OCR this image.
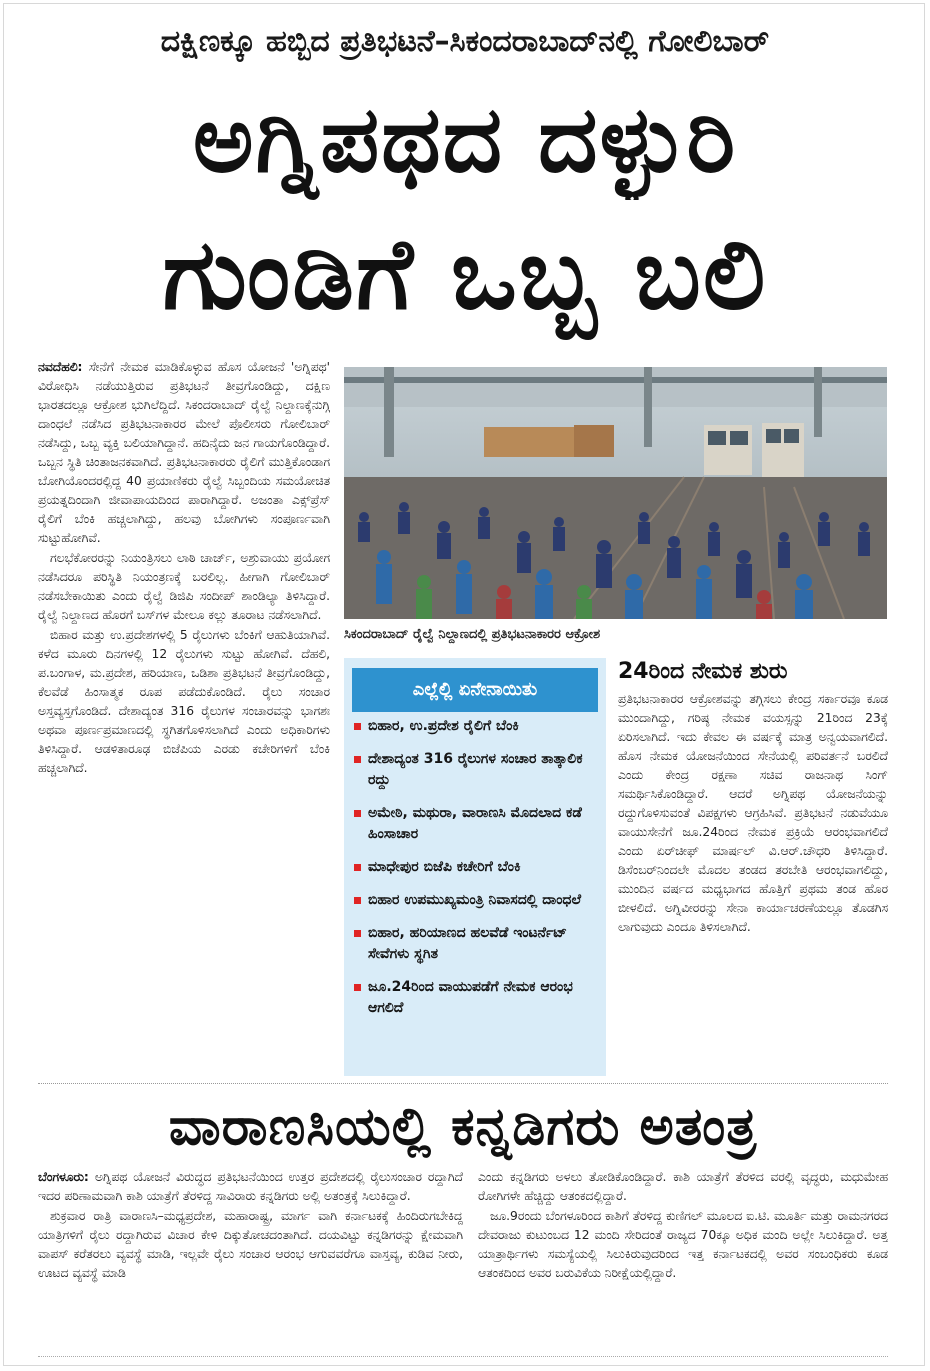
ದಕ್ಷಿಣಕ್ಕೂ ಹಬ್ಬಿದ ಪ್ರತಿಭಟನೆ–ಸಿಕಂದರಾಬಾದ್‌ನಲ್ಲಿ ಗೋಲಿಬಾರ್
ಅಗ್ನಿಪಥದ ದಳ್ಳುರಿ
ಗುಂಡಿಗೆ ಒಬ್ಬ ಬಲಿ

ನವದೆಹಲಿ: ಸೇನೆಗೆ ನೇಮಕ ಮಾಡಿಕೊಳ್ಳುವ ಹೊಸ ಯೋಜನೆ 'ಅಗ್ನಿಪಥ' ವಿರೋಧಿಸಿ ನಡೆಯುತ್ತಿರುವ ಪ್ರತಿಭಟನೆ ತೀವ್ರಗೊಂಡಿದ್ದು, ದಕ್ಷಿಣ ಭಾರತದಲ್ಲೂ ಆಕ್ರೋಶ ಭುಗಿಲೆದ್ದಿದೆ. ಸಿಕಂದರಾಬಾದ್ ರೈಲ್ವೆ ನಿಲ್ದಾಣಕ್ಕೆನುಗ್ಗಿ ದಾಂಧಲೆ ನಡೆಸಿದ ಪ್ರತಿಭಟನಾಕಾರರ ಮೇಲೆ ಪೊಲೀಸರು ಗೋಲಿಬಾರ್ ನಡೆಸಿದ್ದು, ಒಬ್ಬ ವ್ಯಕ್ತಿ ಬಲಿಯಾಗಿದ್ದಾನೆ. ಹದಿನೈದು ಜನ ಗಾಯಗೊಂಡಿದ್ದಾರೆ. ಒಬ್ಬನ ಸ್ಥಿತಿ ಚಿಂತಾಜನಕವಾಗಿದೆ. ಪ್ರತಿಭಟನಾಕಾರರು ರೈಲಿಗೆ ಮುತ್ತಿಕೊಂಡಾಗ ಬೋಗಿಯೊಂದರಲ್ಲಿದ್ದ 40 ಪ್ರಯಾಣಿಕರು ರೈಲ್ವೆ ಸಿಬ್ಬಂದಿಯ ಸಮಯೋಚಿತ ಪ್ರಯತ್ನದಿಂದಾಗಿ ಜೀವಾಪಾಯದಿಂದ ಪಾರಾಗಿದ್ದಾರೆ. ಅಜಂತಾ ಎಕ್ಸ್‌ಪ್ರೆಸ್ ರೈಲಿಗೆ ಬೆಂಕಿ ಹಚ್ಚಲಾಗಿದ್ದು, ಹಲವು ಬೋಗಿಗಳು ಸಂಪೂರ್ಣವಾಗಿ ಸುಟ್ಟುಹೋಗಿವೆ.

ಗಲಭೆಕೋರರನ್ನು ನಿಯಂತ್ರಿಸಲು ಲಾಠಿ ಚಾರ್ಜ್, ಅಶ್ರುವಾಯು ಪ್ರಯೋಗ ನಡೆಸಿದರೂ ಪರಿಸ್ಥಿತಿ ನಿಯಂತ್ರಣಕ್ಕೆ ಬರಲಿಲ್ಲ. ಹೀಗಾಗಿ ಗೋಲಿಬಾರ್ ನಡೆಸಬೇಕಾಯಿತು ಎಂದು ರೈಲ್ವೆ ಡಿಜಿಪಿ ಸಂದೀಪ್ ಶಾಂಡಿಲ್ಯಾ ತಿಳಿಸಿದ್ದಾರೆ. ರೈಲ್ವೆ ನಿಲ್ದಾಣದ ಹೊರಗೆ ಬಸ್‌ಗಳ ಮೇಲೂ ಕಲ್ಲು ತೂರಾಟ ನಡೆಸಲಾಗಿದೆ.

ಬಿಹಾರ ಮತ್ತು ಉ.ಪ್ರದೇಶಗಳಲ್ಲಿ 5 ರೈಲುಗಳು ಬೆಂಕಿಗೆ ಆಹುತಿಯಾಗಿವೆ. ಕಳೆದ ಮೂರು ದಿನಗಳಲ್ಲಿ 12 ರೈಲುಗಳು ಸುಟ್ಟು ಹೋಗಿವೆ. ದೆಹಲಿ, ಪ.ಬಂಗಾಳ, ಮ.ಪ್ರದೇಶ, ಹರಿಯಾಣ, ಒಡಿಶಾ ಪ್ರತಿಭಟನೆ ತೀವ್ರಗೊಂಡಿದ್ದು, ಕೆಲವೆಡೆ ಹಿಂಸಾತ್ಮಕ ರೂಪ ಪಡೆದುಕೊಂಡಿದೆ. ರೈಲು ಸಂಚಾರ ಅಸ್ತವ್ಯಸ್ತಗೊಂಡಿದೆ. ದೇಶಾದ್ಯಂತ 316 ರೈಲುಗಳ ಸಂಚಾರವನ್ನು ಭಾಗಶಃ ಅಥವಾ ಪೂರ್ಣಪ್ರಮಾಣದಲ್ಲಿ ಸ್ಥಗಿತಗೊಳಿಸಲಾಗಿದೆ ಎಂದು ಅಧಿಕಾರಿಗಳು ತಿಳಿಸಿದ್ದಾರೆ. ಆಡಳಿತಾರೂಢ ಬಿಜೆಪಿಯ ಎರಡು ಕಚೇರಿಗಳಿಗೆ ಬೆಂಕಿ ಹಚ್ಚಲಾಗಿದೆ.

ಸಿಕಂದರಾಬಾದ್ ರೈಲ್ವೆ ನಿಲ್ದಾಣದಲ್ಲಿ ಪ್ರತಿಭಟನಾಕಾರರ ಆಕ್ರೋಶ
ಎಲ್ಲೆಲ್ಲಿ ಏನೇನಾಯಿತು
ಬಿಹಾರ, ಉ.ಪ್ರದೇಶ ರೈಲಿಗೆ ಬೆಂಕಿ
ದೇಶಾದ್ಯಂತ 316 ರೈಲುಗಳ ಸಂಚಾರ ತಾತ್ಕಾಲಿಕ ರದ್ದು
ಅಮೇಠಿ, ಮಥುರಾ, ವಾರಾಣಸಿ ಮೊದಲಾದ ಕಡೆ ಹಿಂಸಾಚಾರ
ಮಾಧೇಪುರ ಬಿಜೆಪಿ ಕಚೇರಿಗೆ ಬೆಂಕಿ
ಬಿಹಾರ ಉಪಮುಖ್ಯಮಂತ್ರಿ ನಿವಾಸದಲ್ಲಿ ದಾಂಧಲೆ
ಬಿಹಾರ, ಹರಿಯಾಣದ ಹಲವೆಡೆ ಇಂಟರ್ನೆಟ್ ಸೇವೆಗಳು ಸ್ಥಗಿತ
ಜೂ.24ರಿಂದ ವಾಯುಪಡೆಗೆ ನೇಮಕ ಆರಂಭ ಆಗಲಿದೆ
24ರಿಂದ ನೇಮಕ ಶುರು

ಪ್ರತಿಭಟನಾಕಾರರ ಆಕ್ರೋಶವನ್ನು ತಗ್ಗಿಸಲು ಕೇಂದ್ರ ಸರ್ಕಾರವೂ ಕೂಡ ಮುಂದಾಗಿದ್ದು, ಗರಿಷ್ಠ ನೇಮಕ ವಯಸ್ಸನ್ನು 21ರಿಂದ 23ಕ್ಕೆ ಏರಿಸಲಾಗಿದೆ. ಇದು ಕೇವಲ ಈ ವರ್ಷಕ್ಕೆ ಮಾತ್ರ ಅನ್ವಯವಾಗಲಿದೆ. ಹೊಸ ನೇಮಕ ಯೋಜನೆಯಿಂದ ಸೇನೆಯಲ್ಲಿ ಪರಿವರ್ತನೆ ಬರಲಿದೆ ಎಂದು ಕೇಂದ್ರ ರಕ್ಷಣಾ ಸಚಿವ ರಾಜನಾಥ ಸಿಂಗ್ ಸಮರ್ಥಿಸಿಕೊಂಡಿದ್ದಾರೆ. ಆದರೆ ಅಗ್ನಿಪಥ ಯೋಜನೆಯನ್ನು ರದ್ದುಗೊಳಿಸುವಂತೆ ವಿಪಕ್ಷಗಳು ಆಗ್ರಹಿಸಿವೆ. ಪ್ರತಿಭಟನೆ ನಡುವೆಯೂ ವಾಯುಸೇನೆಗೆ ಜೂ.24ರಿಂದ ನೇಮಕ ಪ್ರಕ್ರಿಯೆ ಆರಂಭವಾಗಲಿದೆ ಎಂದು ಏರ್‌ಚೀಫ್ ಮಾರ್ಷಲ್ ವಿ.ಆರ್.ಚೌಧರಿ ತಿಳಿಸಿದ್ದಾರೆ. ಡಿಸೆಂಬರ್‌ನಿಂದಲೇ ಮೊದಲ ತಂಡದ ತರಬೇತಿ ಆರಂಭವಾಗಲಿದ್ದು, ಮುಂದಿನ ವರ್ಷದ ಮಧ್ಯಭಾಗದ ಹೊತ್ತಿಗೆ ಪ್ರಥಮ ತಂಡ ಹೊರ ಬೀಳಲಿದೆ. ಅಗ್ನಿವೀರರನ್ನು ಸೇನಾ ಕಾರ್ಯಾಚರಣೆಯಲ್ಲೂ ತೊಡಗಿಸ ಲಾಗುವುದು ಎಂದೂ ತಿಳಿಸಲಾಗಿದೆ.

ವಾರಾಣಸಿಯಲ್ಲಿ ಕನ್ನಡಿಗರು ಅತಂತ್ರ

ಬೆಂಗಳೂರು: ಅಗ್ನಿಪಥ ಯೋಜನೆ ವಿರುದ್ಧದ ಪ್ರತಿಭಟನೆಯಿಂದ ಉತ್ತರ ಪ್ರದೇಶದಲ್ಲಿ ರೈಲುಸಂಚಾರ ರದ್ದಾಗಿದೆ ಇದರ ಪರಿಣಾಮವಾಗಿ ಕಾಶಿ ಯಾತ್ರೆಗೆ ತೆರಳಿದ್ದ ಸಾವಿರಾರು ಕನ್ನಡಿಗರು ಅಲ್ಲಿ ಅತಂತ್ರಕ್ಕೆ ಸಿಲುಕಿದ್ದಾರೆ.

ಶುಕ್ರವಾರ ರಾತ್ರಿ ವಾರಾಣಸಿ–ಮಧ್ಯಪ್ರದೇಶ, ಮಹಾರಾಷ್ಟ್ರ, ಮಾರ್ಗ ವಾಗಿ ಕರ್ನಾಟಕಕ್ಕೆ ಹಿಂದಿರುಗಬೇಕಿದ್ದ ಯಾತ್ರಿಗಳಿಗೆ ರೈಲು ರದ್ದಾಗಿರುವ ವಿಚಾರ ಕೇಳಿ ದಿಕ್ಕುತೋಚದಂತಾಗಿದೆ. ದಯವಿಟ್ಟು ಕನ್ನಡಿಗರನ್ನು ಕ್ಷೇಮವಾಗಿ ವಾಪಸ್ ಕರೆತರಲು ವ್ಯವಸ್ಥೆ ಮಾಡಿ, ಇಲ್ಲವೇ ರೈಲು ಸಂಚಾರ ಆರಂಭ ಆಗುವವರೆಗೂ ವಾಸ್ತವ್ಯ, ಕುಡಿವ ನೀರು, ಊಟದ ವ್ಯವಸ್ಥೆ ಮಾಡಿ

ಎಂದು ಕನ್ನಡಿಗರು ಅಳಲು ತೋಡಿಕೊಂಡಿದ್ದಾರೆ. ಕಾಶಿ ಯಾತ್ರೆಗೆ ತೆರಳಿದ ವರಲ್ಲಿ ವೃದ್ಧರು, ಮಧುಮೇಹ ರೋಗಿಗಳೇ ಹೆಚ್ಚಿದ್ದು ಆತಂಕದಲ್ಲಿದ್ದಾರೆ.

ಜೂ.9ರಂದು ಬೆಂಗಳೂರಿಂದ ಕಾಶಿಗೆ ತೆರಳಿದ್ದ ಕುಣಿಗಲ್ ಮೂಲದ ಐ.ಟಿ. ಮೂರ್ತಿ ಮತ್ತು ರಾಮನಗರದ ದೇವರಾಜು ಕುಟುಂಬದ 12 ಮಂದಿ ಸೇರಿದಂತೆ ರಾಜ್ಯದ 70ಕ್ಕೂ ಅಧಿಕ ಮಂದಿ ಅಲ್ಲೇ ಸಿಲುಕಿದ್ದಾರೆ. ಅತ್ತ ಯಾತ್ರಾರ್ಥಿಗಳು ಸಮಸ್ಯೆಯಲ್ಲಿ ಸಿಲುಕಿರುವುದರಿಂದ ಇತ್ತ ಕರ್ನಾಟಕದಲ್ಲಿ ಅವರ ಸಂಬಂಧಿಕರು ಕೂಡ ಆತಂಕದಿಂದ ಅವರ ಬರುವಿಕೆಯ ನಿರೀಕ್ಷೆಯಲ್ಲಿದ್ದಾರೆ.
